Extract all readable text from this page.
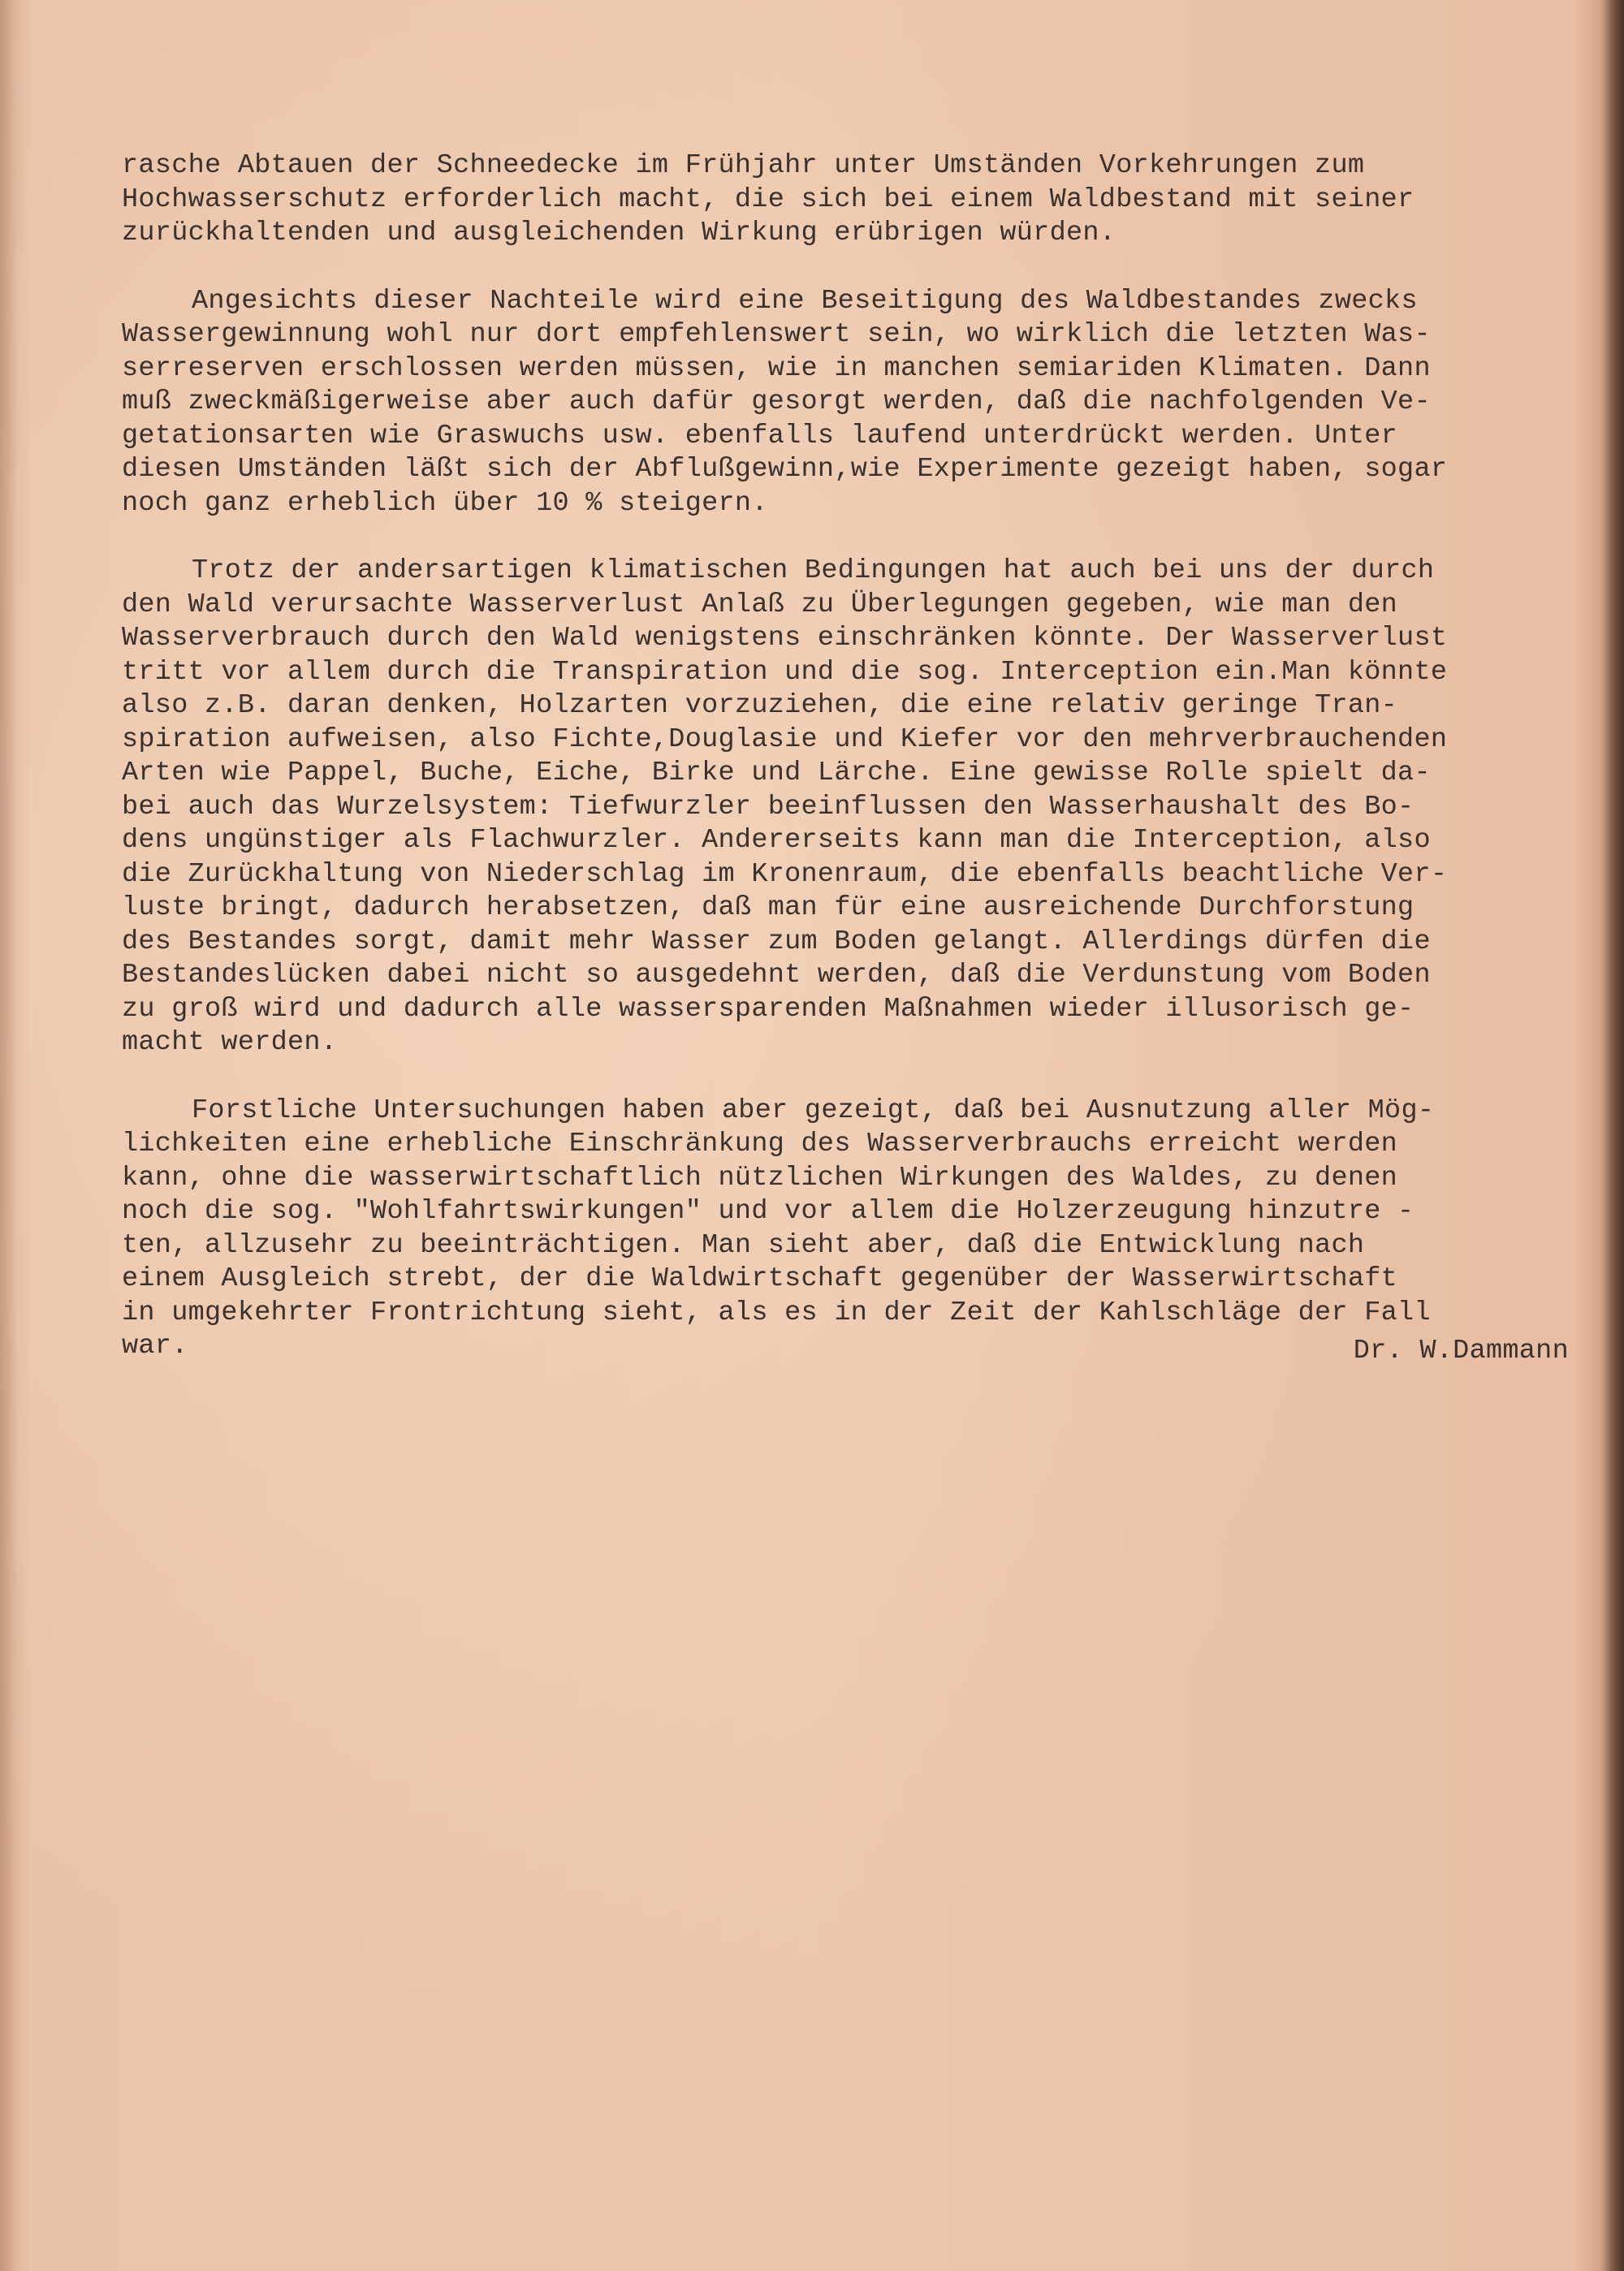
rasche Abtauen der Schneedecke im Frühjahr unter Umständen Vorkehrungen zum
Hochwasserschutz erforderlich macht, die sich bei einem Waldbestand mit seiner
zurückhaltenden und ausgleichenden Wirkung erübrigen würden.

Angesichts dieser Nachteile wird eine Beseitigung des Waldbestandes zwecks
Wassergewinnung wohl nur dort empfehlenswert sein, wo wirklich die letzten Was-
serreserven erschlossen werden müssen, wie in manchen semiariden Klimaten. Dann
muß zweckmäßigerweise aber auch dafür gesorgt werden, daß die nachfolgenden Ve-
getationsarten wie Graswuchs usw. ebenfalls laufend unterdrückt werden. Unter
diesen Umständen läßt sich der Abflußgewinn,wie Experimente gezeigt haben, sogar
noch ganz erheblich über 10 % steigern.

Trotz der andersartigen klimatischen Bedingungen hat auch bei uns der durch
den Wald verursachte Wasserverlust Anlaß zu Überlegungen gegeben, wie man den
Wasserverbrauch durch den Wald wenigstens einschränken könnte. Der Wasserverlust
tritt vor allem durch die Transpiration und die sog. Interception ein.Man könnte
also z.B. daran denken, Holzarten vorzuziehen, die eine relativ geringe Tran-
spiration aufweisen, also Fichte,Douglasie und Kiefer vor den mehrverbrauchenden
Arten wie Pappel, Buche, Eiche, Birke und Lärche. Eine gewisse Rolle spielt da-
bei auch das Wurzelsystem: Tiefwurzler beeinflussen den Wasserhaushalt des Bo-
dens ungünstiger als Flachwurzler. Andererseits kann man die Interception, also
die Zurückhaltung von Niederschlag im Kronenraum, die ebenfalls beachtliche Ver-
luste bringt, dadurch herabsetzen, daß man für eine ausreichende Durchforstung
des Bestandes sorgt, damit mehr Wasser zum Boden gelangt. Allerdings dürfen die
Bestandeslücken dabei nicht so ausgedehnt werden, daß die Verdunstung vom Boden
zu groß wird und dadurch alle wassersparenden Maßnahmen wieder illusorisch ge-
macht werden.

Forstliche Untersuchungen haben aber gezeigt, daß bei Ausnutzung aller Mög-
lichkeiten eine erhebliche Einschränkung des Wasserverbrauchs erreicht werden
kann, ohne die wasserwirtschaftlich nützlichen Wirkungen des Waldes, zu denen
noch die sog. "Wohlfahrtswirkungen" und vor allem die Holzerzeugung hinzutre -
ten, allzusehr zu beeinträchtigen. Man sieht aber, daß die Entwicklung nach
einem Ausgleich strebt, der die Waldwirtschaft gegenüber der Wasserwirtschaft
in umgekehrter Frontrichtung sieht, als es in der Zeit der Kahlschläge der Fall
war.	Dr. W.Dammann
